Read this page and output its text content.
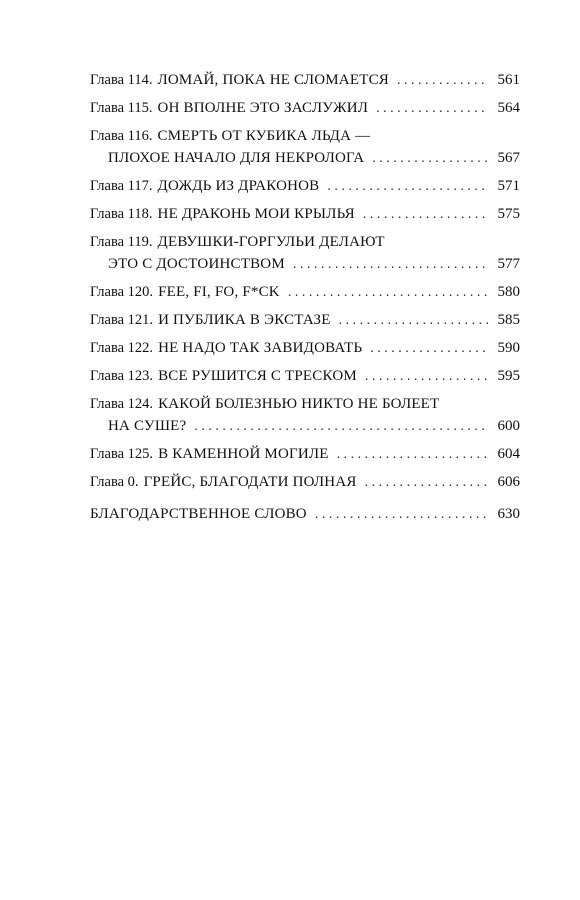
Глава 114. ЛОМАЙ, ПОКА НЕ СЛОМАЕТСЯ . . .	561
Глава 115. ОН ВПОЛНЕ ЭТО ЗАСЛУЖИЛ . . .	564
Глава 116. СМЕРТЬ ОТ КУБИКА ЛЬДА —
ПЛОХОЕ НАЧАЛО ДЛЯ НЕКРОЛОГА . . .	567
Глава 117. ДОЖДЬ ИЗ ДРАКОНОВ . . .	571
Глава 118. НЕ ДРАКОНЬ МОИ КРЫЛЬЯ . . .	575
Глава 119. ДЕВУШКИ-ГОРГУЛЬИ ДЕЛАЮТ
ЭТО С ДОСТОИНСТВОМ . . .	577
Глава 120. FEE, FI, FO, F*CK . . .	580
Глава 121. И ПУБЛИКА В ЭКСТАЗЕ . . .	585
Глава 122. НЕ НАДО ТАК ЗАВИДОВАТЬ . . .	590
Глава 123. ВСЕ РУШИТСЯ С ТРЕСКОМ . . .	595
Глава 124. КАКОЙ БОЛЕЗНЬЮ НИКТО НЕ БОЛЕЕТ
НА СУШЕ? . . .	600
Глава 125. В КАМЕННОЙ МОГИЛЕ . . .	604
Глава 0. ГРЕЙС, БЛАГОДАТИ ПОЛНАЯ . . .	606
БЛАГОДАРСТВЕННОЕ СЛОВО . . .	630
